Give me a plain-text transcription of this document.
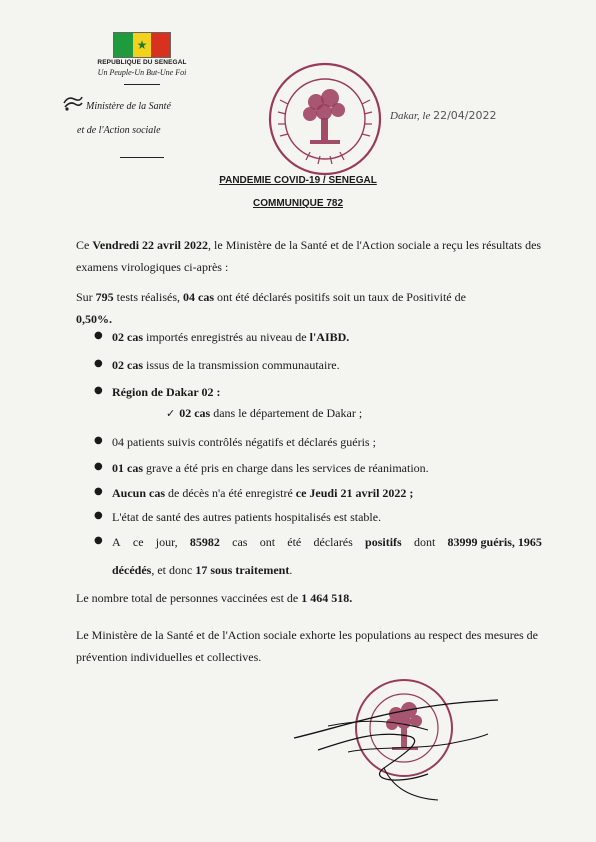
★
REPUBLIQUE DU SENEGAL
Un Peuple-Un But-Une Foi
Ministère de la Santé
et de l'Action sociale
Dakar, le 22/04/2022
PANDEMIE COVID-19 / SENEGAL
COMMUNIQUE 782
Ce Vendredi 22 avril 2022, le Ministère de la Santé et de l'Action sociale a reçu les résultats des examens virologiques ci-après :
Sur 795 tests réalisés, 04 cas ont été déclarés positifs soit un taux de Positivité de
0,50%.
● 02 cas importés enregistrés au niveau de l'AIBD.
● 02 cas issus de la transmission communautaire.
● Région de Dakar 02 :
● 04 patients suivis contrôlés négatifs et déclarés guéris ;
● 01 cas grave a été pris en charge dans les services de réanimation.
● Aucun cas de décès n'a été enregistré ce Jeudi 21 avril 2022 ;
● L'état de santé des autres patients hospitalisés est stable.
● A ce jour, 85982 cas ont été déclarés positifs dont 83999 guéris, 1965
décédés, et donc 17 sous traitement.
✓ 02 cas dans le département de Dakar ;
Le nombre total de personnes vaccinées est de 1 464 518.
Le Ministère de la Santé et de l'Action sociale exhorte les populations au respect des mesures de prévention individuelles et collectives.
